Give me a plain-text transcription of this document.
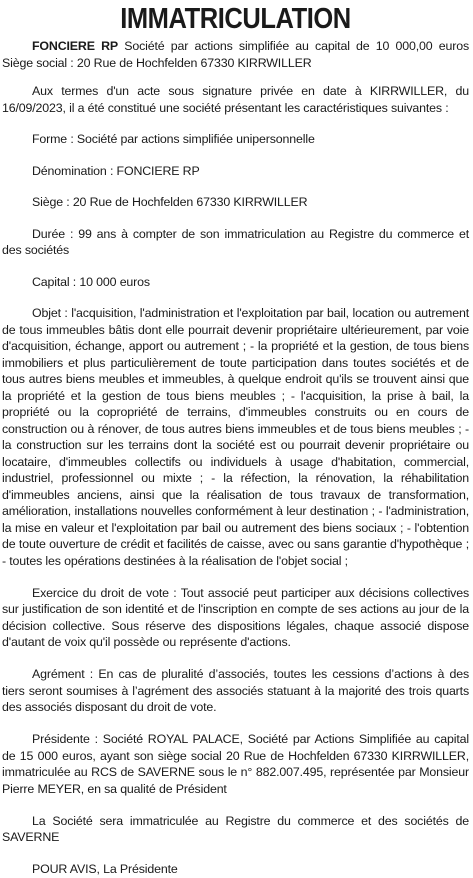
IMMATRICULATION

FONCIERE RP Société par actions simplifiée au capital de 10 000,00 euros Siège social : 20 Rue de Hochfelden 67330 KIRRWILLER

Aux termes d'un acte sous signature privée en date à KIRRWILLER, du 16/09/2023, il a été constitué une société présentant les caractéristiques suivantes :

Forme : Société par actions simplifiée unipersonnelle

Dénomination : FONCIERE RP

Siège : 20 Rue de Hochfelden 67330 KIRRWILLER

Durée : 99 ans à compter de son immatriculation au Registre du commerce et des sociétés

Capital : 10 000 euros

Objet : l'acquisition, l'administration et l'exploitation par bail, location ou autrement de tous immeubles bâtis dont elle pourrait devenir propriétaire ultérieurement, par voie d'acquisition, échange, apport ou autrement ; - la propriété et la gestion, de tous biens immobiliers et plus particulièrement de toute participation dans toutes sociétés et de tous autres biens meubles et immeubles, à quelque endroit qu'ils se trouvent ainsi que la propriété et la gestion de tous biens meubles ; - l'acquisition, la prise à bail, la propriété ou la copropriété de terrains, d'immeubles construits ou en cours de construction ou à rénover, de tous autres biens immeubles et de tous biens meubles ; - la construction sur les terrains dont la société est ou pourrait devenir propriétaire ou locataire, d'immeubles collectifs ou individuels à usage d'habitation, commercial, industriel, professionnel ou mixte ; - la réfection, la rénovation, la réhabilitation d'immeubles anciens, ainsi que la réalisation de tous travaux de transformation, amélioration, installations nouvelles conformément à leur destination ; - l'administration, la mise en valeur et l'exploitation par bail ou autrement des biens sociaux ; - l'obtention de toute ouverture de crédit et facilités de caisse, avec ou sans garantie d'hypothèque ; - toutes les opérations destinées à la réalisation de l'objet social ;

Exercice du droit de vote : Tout associé peut participer aux décisions collectives sur justification de son identité et de l'inscription en compte de ses actions au jour de la décision collective. Sous réserve des dispositions légales, chaque associé dispose d'autant de voix qu'il possède ou représente d'actions.

Agrément : En cas de pluralité d’associés, toutes les cessions d’actions à des tiers seront soumises à l’agrément des associés statuant à la majorité des trois quarts des associés disposant du droit de vote.

Présidente : Société ROYAL PALACE, Société par Actions Simplifiée au capital de 15 000 euros, ayant son siège social 20 Rue de Hochfelden 67330 KIRRWILLER, immatriculée au RCS de SAVERNE sous le n° 882.007.495, représentée par Monsieur Pierre MEYER, en sa qualité de Président

La Société sera immatriculée au Registre du commerce et des sociétés de SAVERNE

POUR AVIS, La Présidente
